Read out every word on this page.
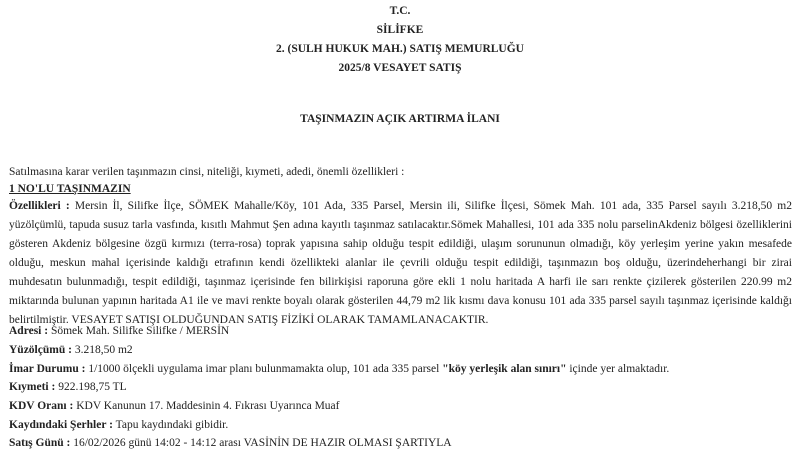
T.C.
SİLİFKE
2. (SULH HUKUK MAH.) SATIŞ MEMURLUĞU
2025/8 VESAYET SATIŞ
TAŞINMAZIN AÇIK ARTIRMA İLANI
Satılmasına karar verilen taşınmazın cinsi, niteliği, kıymeti, adedi, önemli özellikleri :
1 NO'LU TAŞINMAZIN
Özellikleri : Mersin İl, Silifke İlçe, SÖMEK Mahalle/Köy, 101 Ada, 335 Parsel, Mersin ili, Silifke İlçesi, Sömek Mah. 101 ada, 335 Parsel sayılı 3.218,50 m2
yüzölçümlü, tapuda susuz tarla vasfında, kısıtlı Mahmut Şen adına kayıtlı taşınmaz satılacaktır.Sömek Mahallesi, 101 ada 335 nolu parselinAkdeniz bölgesi özelliklerini
gösteren Akdeniz bölgesine özgü kırmızı (terra-rosa) toprak yapısına sahip olduğu tespit edildiği, ulaşım sorununun olmadığı, köy yerleşim yerine yakın mesafede
olduğu, meskun mahal içerisinde kaldığı etrafının kendi özellikteki alanlar ile çevrili olduğu tespit edildiği, taşınmazın boş olduğu, üzerindeherhangi bir zirai
muhdesatın bulunmadığı, tespit edildiği, taşınmaz içerisinde fen bilirkişisi raporuna göre ekli 1 nolu haritada A harfi ile sarı renkte çizilerek gösterilen 220.99 m2
miktarında bulunan yapının haritada A1 ile ve mavi renkte boyalı olarak gösterilen 44,79 m2 lik kısmı dava konusu 101 ada 335 parsel sayılı taşınmaz içerisinde kaldığı
belirtilmiştir. VESAYET SATIŞI OLDUĞUNDAN SATIŞ FİZİKİ OLARAK TAMAMLANACAKTIR.
Adresi : Sömek Mah. Silifke Silifke / MERSİN
Yüzölçümü : 3.218,50 m2
İmar Durumu : 1/1000 ölçekli uygulama imar planı bulunmamakta olup, 101 ada 335 parsel "köy yerleşik alan sınırı" içinde yer almaktadır.
Kıymeti : 922.198,75 TL
KDV Oranı : KDV Kanunun 17. Maddesinin 4. Fıkrası Uyarınca Muaf
Kaydındaki Şerhler : Tapu kaydındaki gibidir.
Satış Günü : 16/02/2026 günü 14:02 - 14:12 arası VASİNİN DE HAZIR OLMASI ŞARTIYLA
